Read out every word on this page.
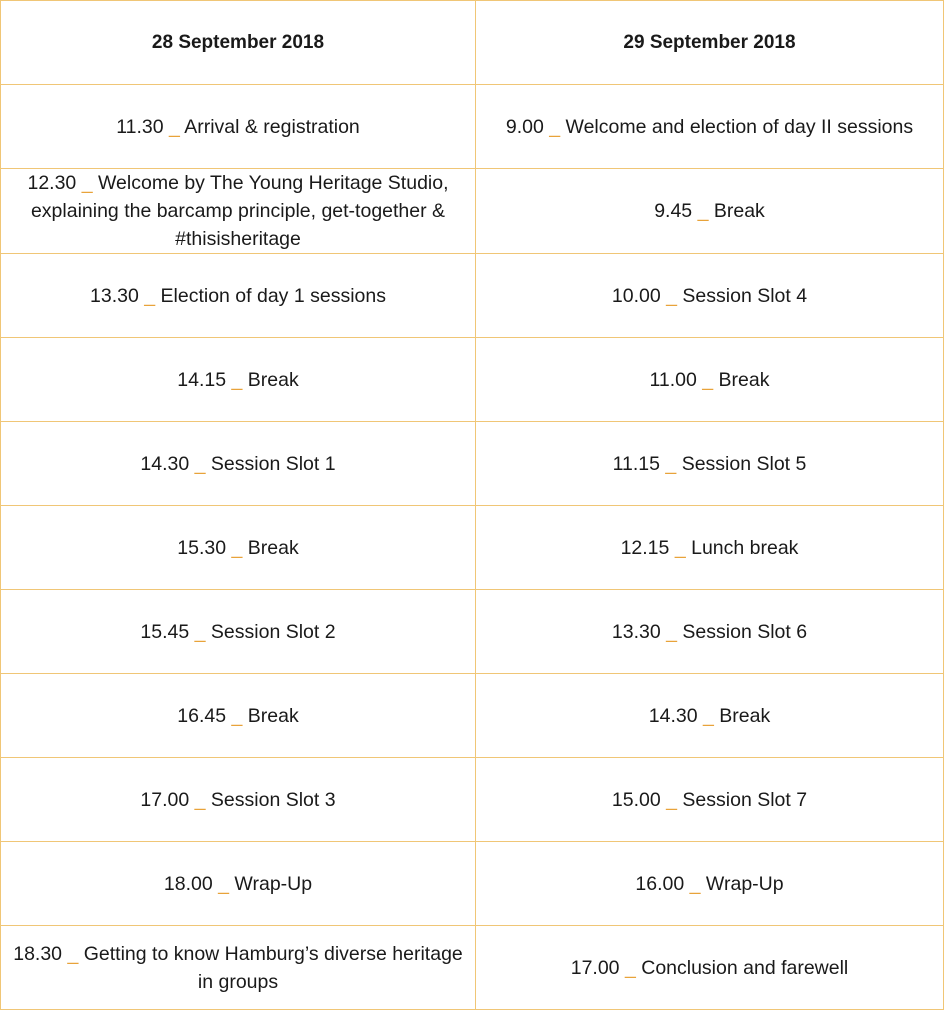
28 September 2018	29 September 2018
11.30 _ Arrival & registration	9.00 _ Welcome and election of day II sessions
12.30 _ Welcome by The Young Heritage Studio, explaining the barcamp principle, get-together & #thisisheritage	9.45 _ Break
13.30 _ Election of day 1 sessions	10.00 _ Session Slot 4
14.15 _ Break	11.00 _ Break
14.30 _ Session Slot 1	11.15 _ Session Slot 5
15.30 _ Break	12.15 _ Lunch break
15.45 _ Session Slot 2	13.30 _ Session Slot 6
16.45 _ Break	14.30 _ Break
17.00 _ Session Slot 3	15.00 _ Session Slot 7
18.00 _ Wrap-Up	16.00 _ Wrap-Up
18.30 _ Getting to know Hamburg’s diverse heritage in groups	17.00 _ Conclusion and farewell
